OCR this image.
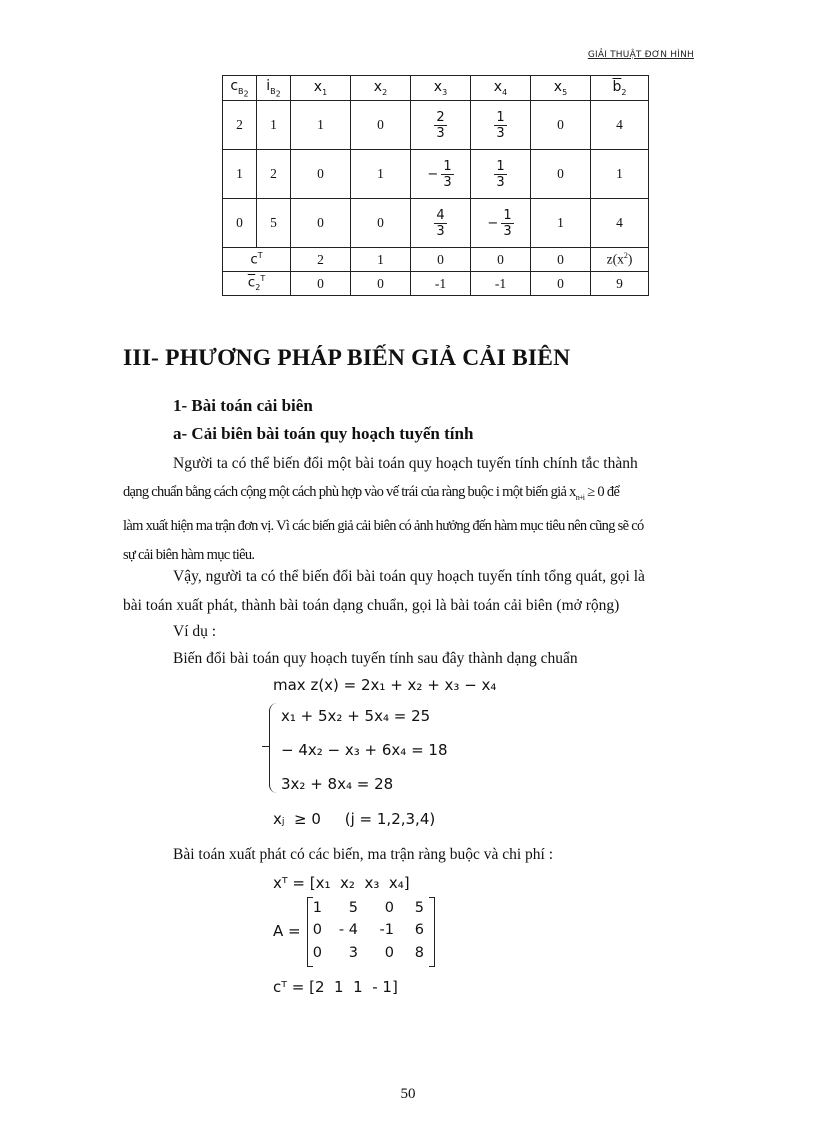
GIẢI THUẬT ĐƠN HÌNH
$c_{B_2}$	$i_{B_2}$	$x_1$	$x_2$	$x_3$	$x_4$	$x_5$	$\overline{b}_2$
2	1	1	0	$\frac{2}{3}$	$\frac{1}{3}$	0	4
1	2	0	1	− $\frac{1}{3}$	$\frac{1}{3}$	0	1
0	5	0	0	$\frac{4}{3}$	− $\frac{1}{3}$	1	4
$c^T$		2	1	0	0	0	$z(x^2)$
$\overline{c}_2^T$		0	0	-1	-1	0	9
III- PHƯƠNG PHÁP BIẾN GIẢ CẢI BIÊN
1- Bài toán cải biên
a- Cải biên bài toán quy hoạch tuyến tính
Người ta có thể biến đổi một bài toán quy hoạch tuyến tính chính tắc thành
dạng chuẩn bằng cách cộng một cách phù hợp vào vế trái của ràng buộc i một biến giả $x_{n+i} \ge 0$ để
làm xuất hiện ma trận đơn vị. Vì các biến giả cải biên có ảnh hưởng đến hàm mục tiêu nên cũng sẽ có
sự cải biên hàm mục tiêu.
Vậy, người ta có thể biến đổi bài toán quy hoạch tuyến tính tổng quát, gọi là
bài toán xuất phát, thành bài toán dạng chuẩn, gọi là bài toán cải biên (mở rộng)
Ví dụ :
Biến đổi bài toán quy hoạch tuyến tính sau đây thành dạng chuẩn
max z(x) = 2x₁ + x₂ + x₃ − x₄
x₁ + 5x₂ + 5x₄ = 25
− 4x₂ − x₃ + 6x₄ = 18
3x₂ + 8x₄ = 28
xⱼ  ≥ 0     (j = 1,2,3,4)
Bài toán xuất phát có các biến, ma trận ràng buộc và chi phí :
xᵀ = [x₁  x₂  x₃  x₄]
A =
1	5	0	5
0	- 4	-1	6
0	3	0	8
cᵀ = [2  1  1  - 1]
50
